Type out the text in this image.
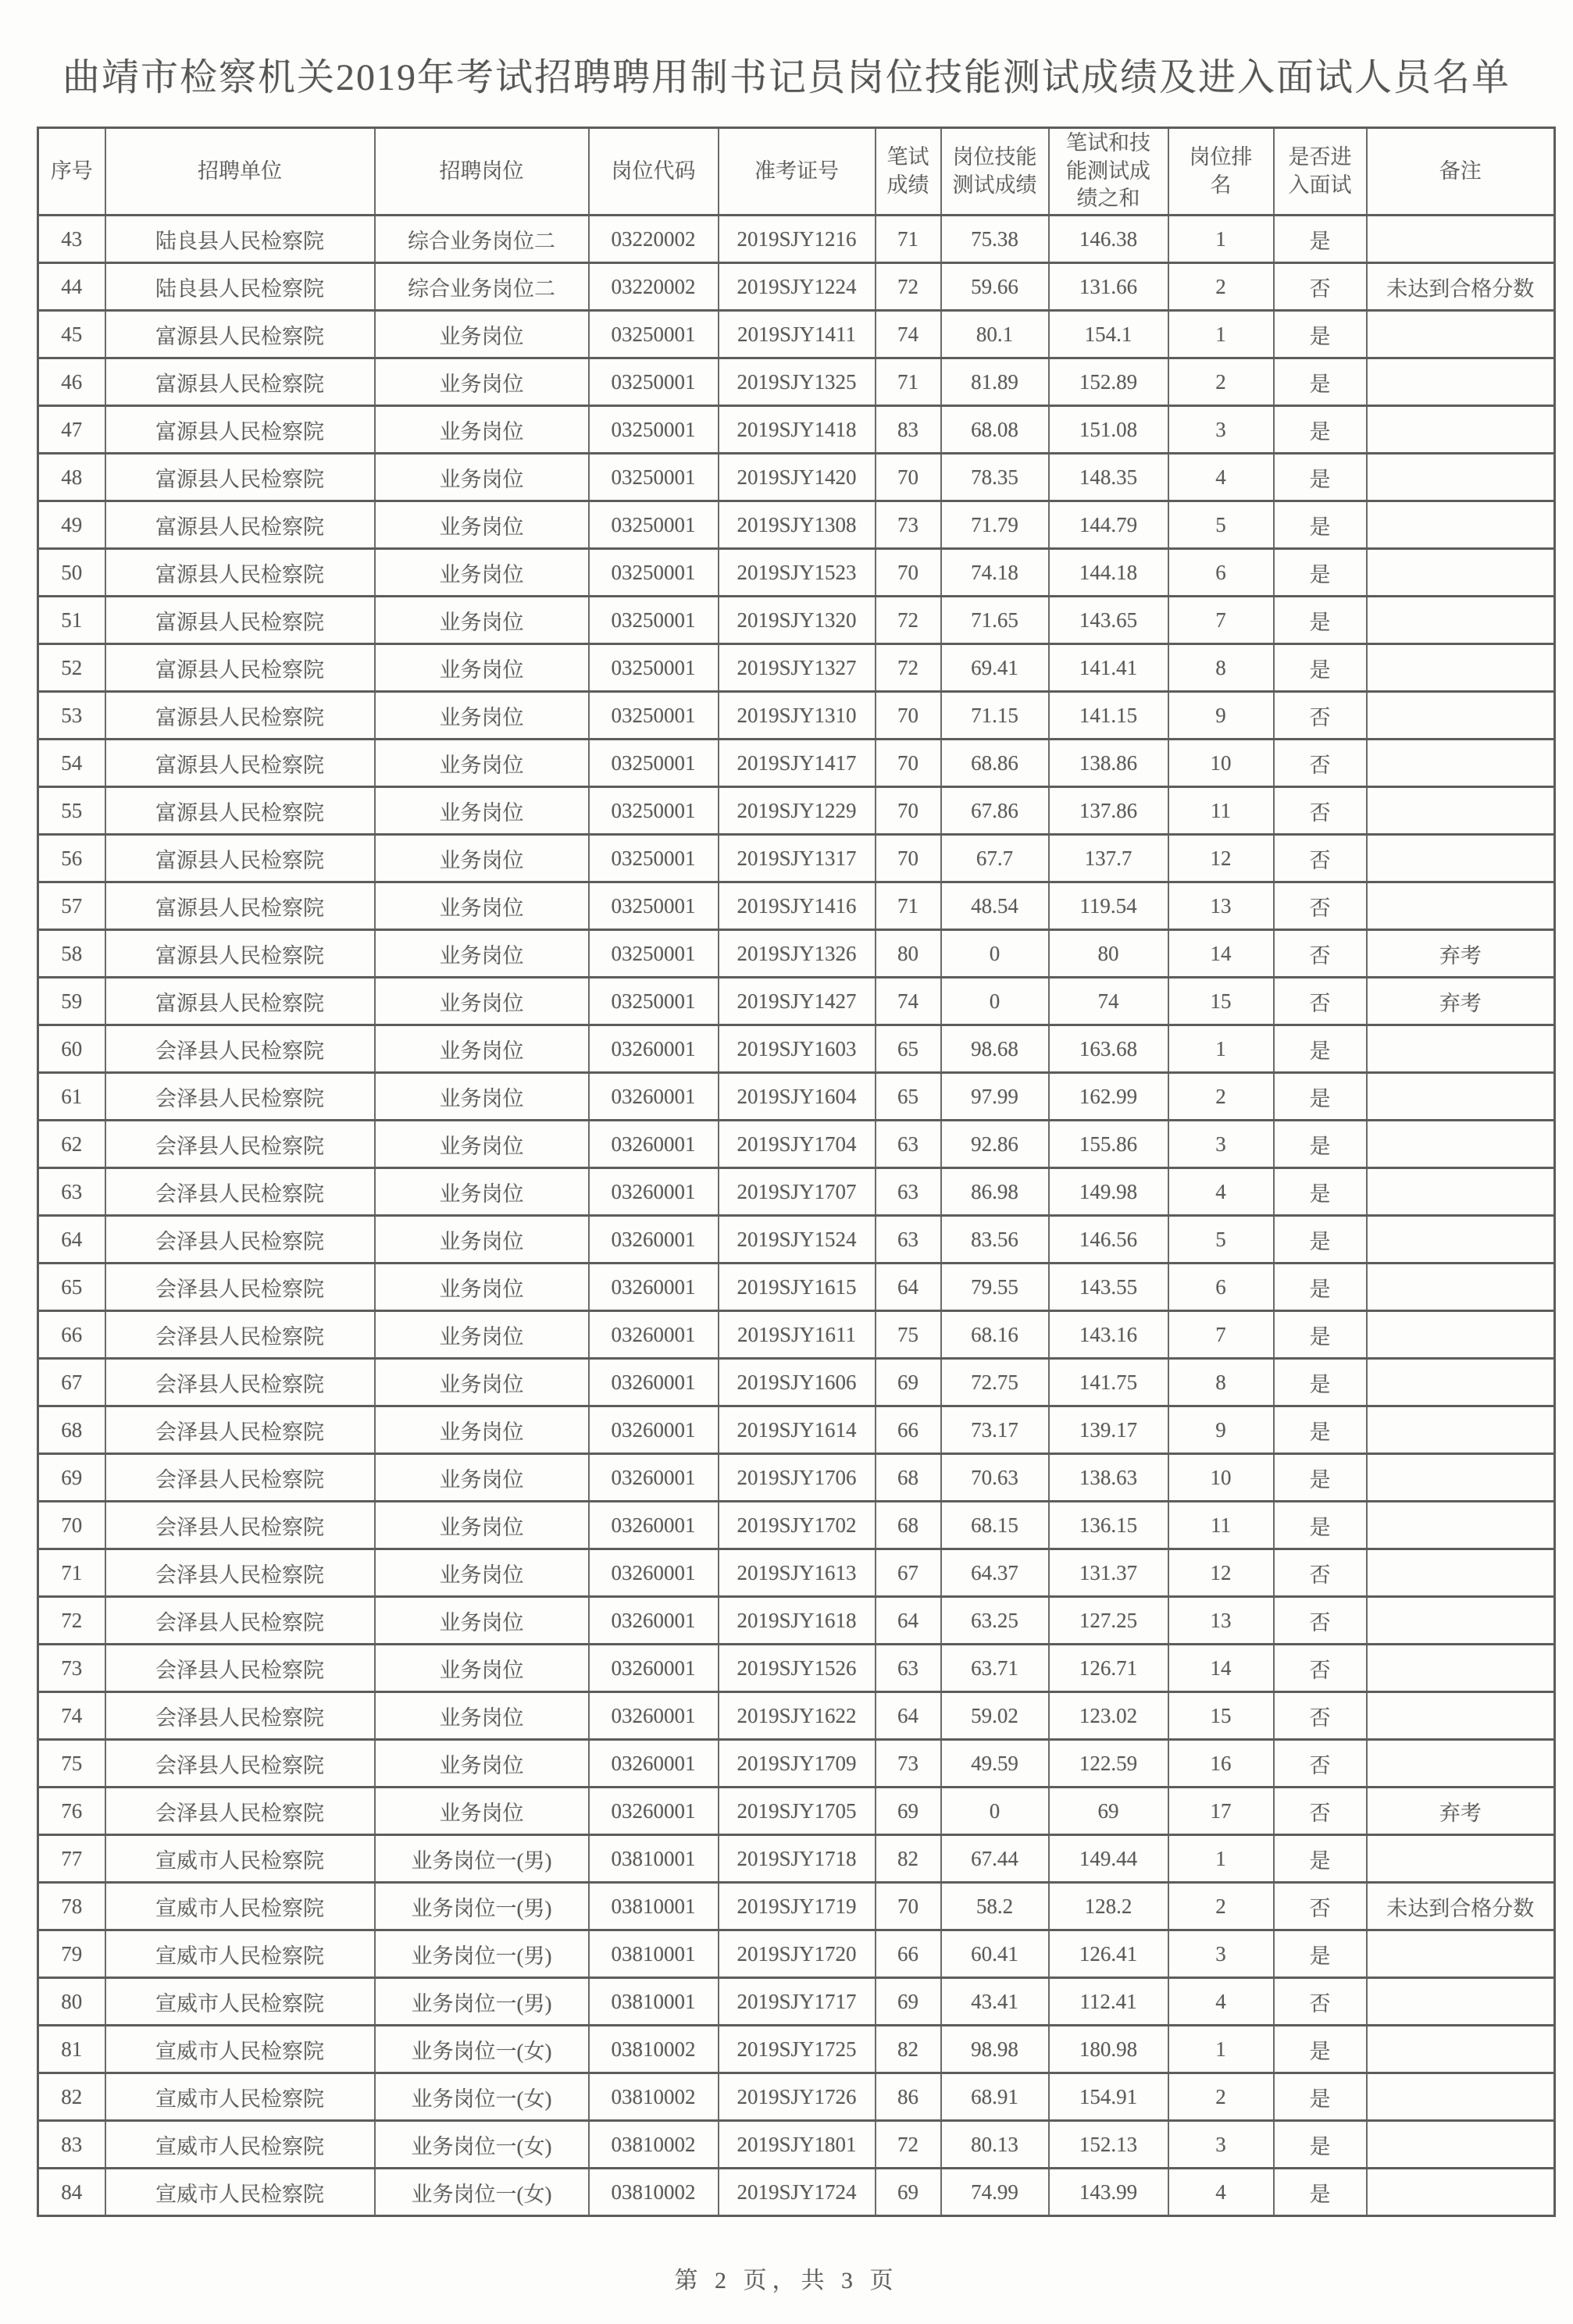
曲靖市检察机关2019年考试招聘聘用制书记员岗位技能测试成绩及进入面试人员名单
序号	招聘单位	招聘岗位	岗位代码	准考证号	笔试成绩	岗位技能测试成绩	笔试和技能测试成绩之和	岗位排名	是否进入面试	备注
43	陆良县人民检察院	综合业务岗位二	03220002	2019SJY1216	71	75.38	146.38	1	是	
44	陆良县人民检察院	综合业务岗位二	03220002	2019SJY1224	72	59.66	131.66	2	否	未达到合格分数
45	富源县人民检察院	业务岗位	03250001	2019SJY1411	74	80.1	154.1	1	是	
46	富源县人民检察院	业务岗位	03250001	2019SJY1325	71	81.89	152.89	2	是	
47	富源县人民检察院	业务岗位	03250001	2019SJY1418	83	68.08	151.08	3	是	
48	富源县人民检察院	业务岗位	03250001	2019SJY1420	70	78.35	148.35	4	是	
49	富源县人民检察院	业务岗位	03250001	2019SJY1308	73	71.79	144.79	5	是	
50	富源县人民检察院	业务岗位	03250001	2019SJY1523	70	74.18	144.18	6	是	
51	富源县人民检察院	业务岗位	03250001	2019SJY1320	72	71.65	143.65	7	是	
52	富源县人民检察院	业务岗位	03250001	2019SJY1327	72	69.41	141.41	8	是	
53	富源县人民检察院	业务岗位	03250001	2019SJY1310	70	71.15	141.15	9	否	
54	富源县人民检察院	业务岗位	03250001	2019SJY1417	70	68.86	138.86	10	否	
55	富源县人民检察院	业务岗位	03250001	2019SJY1229	70	67.86	137.86	11	否	
56	富源县人民检察院	业务岗位	03250001	2019SJY1317	70	67.7	137.7	12	否	
57	富源县人民检察院	业务岗位	03250001	2019SJY1416	71	48.54	119.54	13	否	
58	富源县人民检察院	业务岗位	03250001	2019SJY1326	80	0	80	14	否	弃考
59	富源县人民检察院	业务岗位	03250001	2019SJY1427	74	0	74	15	否	弃考
60	会泽县人民检察院	业务岗位	03260001	2019SJY1603	65	98.68	163.68	1	是	
61	会泽县人民检察院	业务岗位	03260001	2019SJY1604	65	97.99	162.99	2	是	
62	会泽县人民检察院	业务岗位	03260001	2019SJY1704	63	92.86	155.86	3	是	
63	会泽县人民检察院	业务岗位	03260001	2019SJY1707	63	86.98	149.98	4	是	
64	会泽县人民检察院	业务岗位	03260001	2019SJY1524	63	83.56	146.56	5	是	
65	会泽县人民检察院	业务岗位	03260001	2019SJY1615	64	79.55	143.55	6	是	
66	会泽县人民检察院	业务岗位	03260001	2019SJY1611	75	68.16	143.16	7	是	
67	会泽县人民检察院	业务岗位	03260001	2019SJY1606	69	72.75	141.75	8	是	
68	会泽县人民检察院	业务岗位	03260001	2019SJY1614	66	73.17	139.17	9	是	
69	会泽县人民检察院	业务岗位	03260001	2019SJY1706	68	70.63	138.63	10	是	
70	会泽县人民检察院	业务岗位	03260001	2019SJY1702	68	68.15	136.15	11	是	
71	会泽县人民检察院	业务岗位	03260001	2019SJY1613	67	64.37	131.37	12	否	
72	会泽县人民检察院	业务岗位	03260001	2019SJY1618	64	63.25	127.25	13	否	
73	会泽县人民检察院	业务岗位	03260001	2019SJY1526	63	63.71	126.71	14	否	
74	会泽县人民检察院	业务岗位	03260001	2019SJY1622	64	59.02	123.02	15	否	
75	会泽县人民检察院	业务岗位	03260001	2019SJY1709	73	49.59	122.59	16	否	
76	会泽县人民检察院	业务岗位	03260001	2019SJY1705	69	0	69	17	否	弃考
77	宣威市人民检察院	业务岗位一(男)	03810001	2019SJY1718	82	67.44	149.44	1	是	
78	宣威市人民检察院	业务岗位一(男)	03810001	2019SJY1719	70	58.2	128.2	2	否	未达到合格分数
79	宣威市人民检察院	业务岗位一(男)	03810001	2019SJY1720	66	60.41	126.41	3	是	
80	宣威市人民检察院	业务岗位一(男)	03810001	2019SJY1717	69	43.41	112.41	4	否	
81	宣威市人民检察院	业务岗位一(女)	03810002	2019SJY1725	82	98.98	180.98	1	是	
82	宣威市人民检察院	业务岗位一(女)	03810002	2019SJY1726	86	68.91	154.91	2	是	
83	宣威市人民检察院	业务岗位一(女)	03810002	2019SJY1801	72	80.13	152.13	3	是	
84	宣威市人民检察院	业务岗位一(女)	03810002	2019SJY1724	69	74.99	143.99	4	是	
第 2 页，共 3 页
